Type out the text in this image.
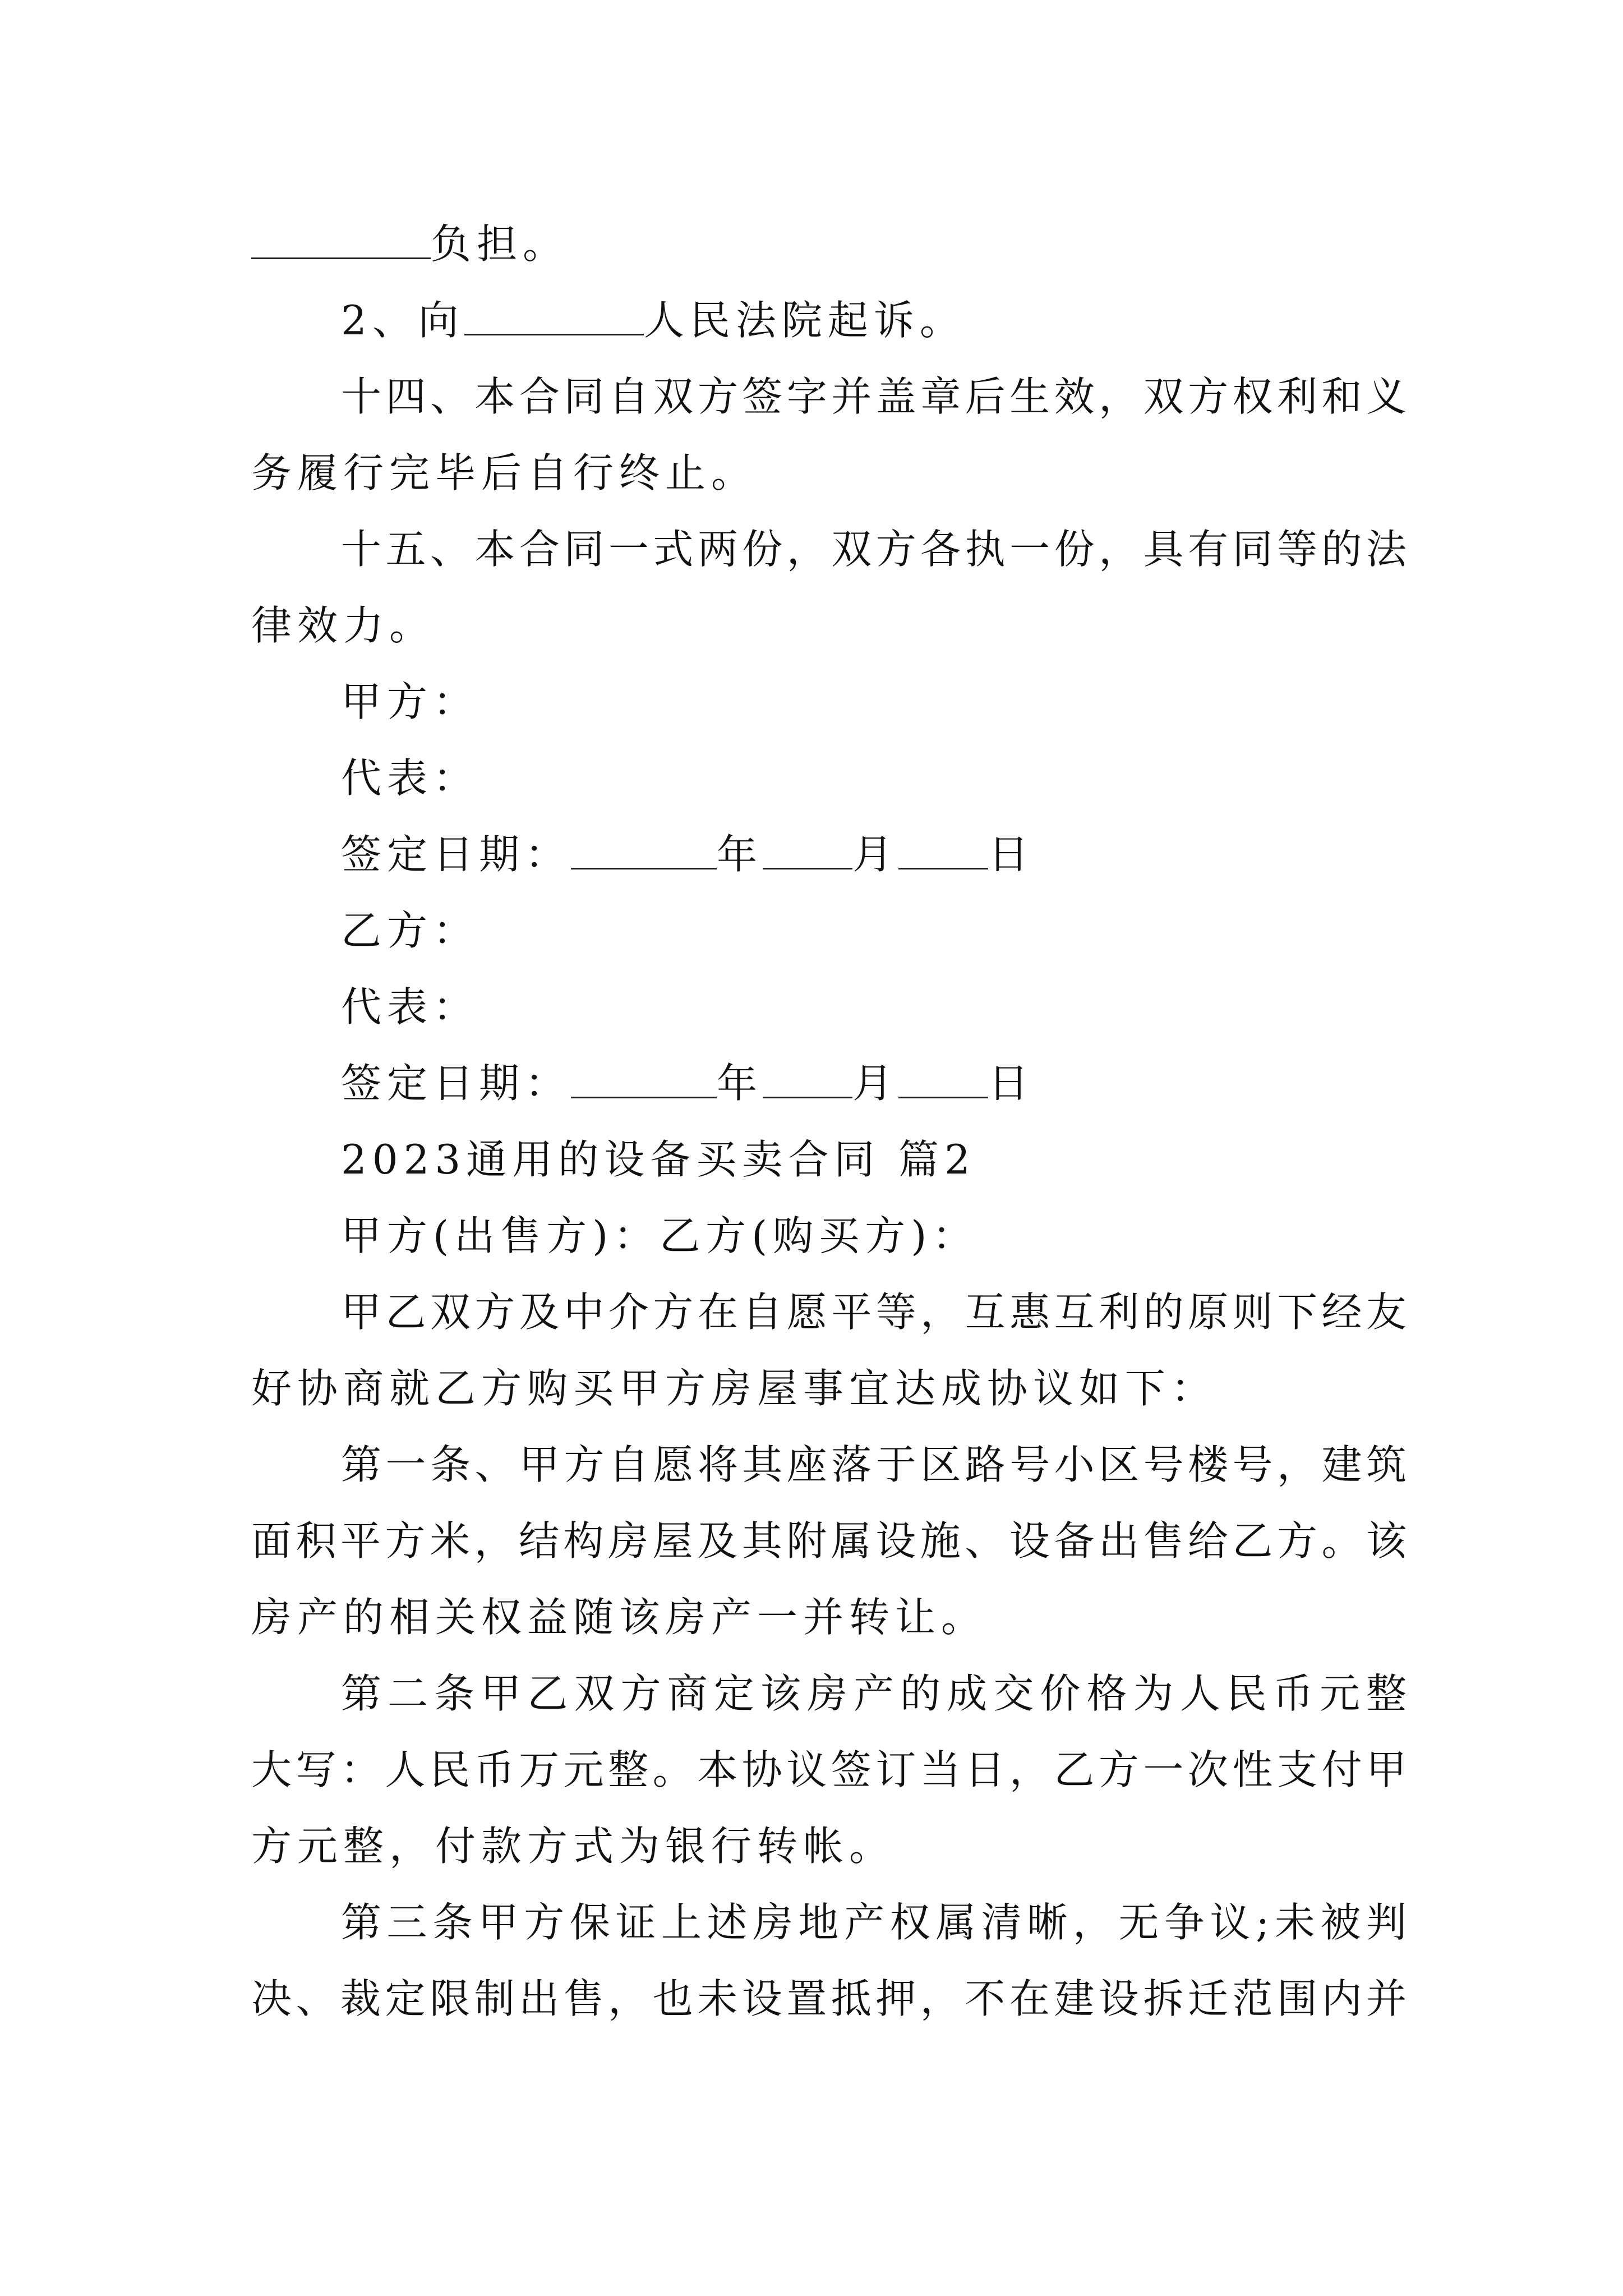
负担。
2、向	人民法院起诉。
十四、本合同自双方签字并盖章后生效，双方权利和义
务履行完毕后自行终止。
十五、本合同一式两份，双方各执一份，具有同等的法
律效力。
甲方：
代表：
签定日期：	年 月 日
乙方：
代表：
签定日期：	年 月 日
2023通用的设备买卖合同 篇2
甲方(出售方)：乙方(购买方)：
甲乙双方及中介方在自愿平等，互惠互利的原则下经友
好协商就乙方购买甲方房屋事宜达成协议如下：
第一条、甲方自愿将其座落于区路号小区号楼号，建筑
面积平方米，结构房屋及其附属设施、设备出售给乙方。该
房产的相关权益随该房产一并转让。
第二条甲乙双方商定该房产的成交价格为人民币元整
大写：人民币万元整。本协议签订当日，乙方一次性支付甲
方元整，付款方式为银行转帐。
第三条甲方保证上述房地产权属清晰，无争议;未被判
决、裁定限制出售，也未设置抵押，不在建设拆迁范围内并
